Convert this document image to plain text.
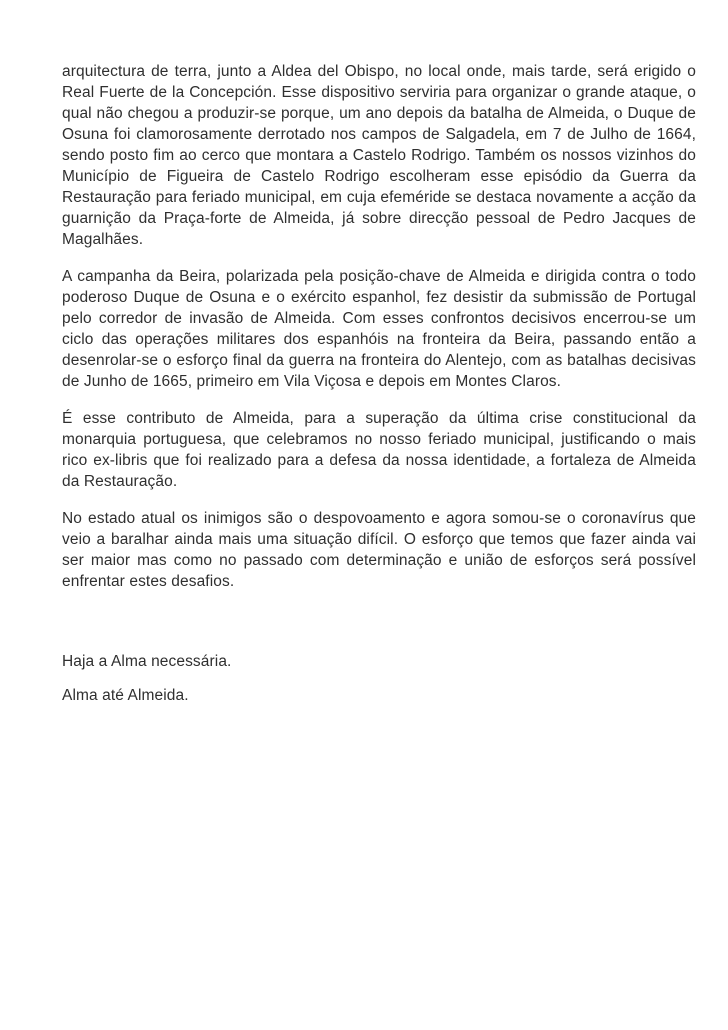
arquitectura de terra, junto a Aldea del Obispo, no local onde, mais tarde, será erigido o Real Fuerte de la Concepción. Esse dispositivo serviria para organizar o grande ataque, o qual não chegou a produzir-se porque, um ano depois da batalha de Almeida, o Duque de Osuna foi clamorosamente derrotado nos campos de Salgadela, em 7 de Julho de 1664, sendo posto fim ao cerco que montara a Castelo Rodrigo. Também os nossos vizinhos do Município de Figueira de Castelo Rodrigo escolheram esse episódio da Guerra da Restauração para feriado municipal, em cuja efeméride se destaca novamente a acção da guarnição da Praça-forte de Almeida, já sobre direcção pessoal de Pedro Jacques de Magalhães.

A campanha da Beira, polarizada pela posição-chave de Almeida e dirigida contra o todo poderoso Duque de Osuna e o exército espanhol, fez desistir da submissão de Portugal pelo corredor de invasão de Almeida. Com esses confrontos decisivos encerrou-se um ciclo das operações militares dos espanhóis na fronteira da Beira, passando então a desenrolar-se o esforço final da guerra na fronteira do Alentejo, com as batalhas decisivas de Junho de 1665, primeiro em Vila Viçosa e depois em Montes Claros.

É esse contributo de Almeida, para a superação da última crise constitucional da monarquia portuguesa, que celebramos no nosso feriado municipal, justificando o mais rico ex-libris que foi realizado para a defesa da nossa identidade, a fortaleza de Almeida da Restauração.

No estado atual os inimigos são o despovoamento e agora somou-se o coronavírus que veio a baralhar ainda mais uma situação difícil. O esforço que temos que fazer ainda vai ser maior mas como no passado com determinação e união de esforços será possível enfrentar estes desafios.

Haja a Alma necessária.

Alma até Almeida.
